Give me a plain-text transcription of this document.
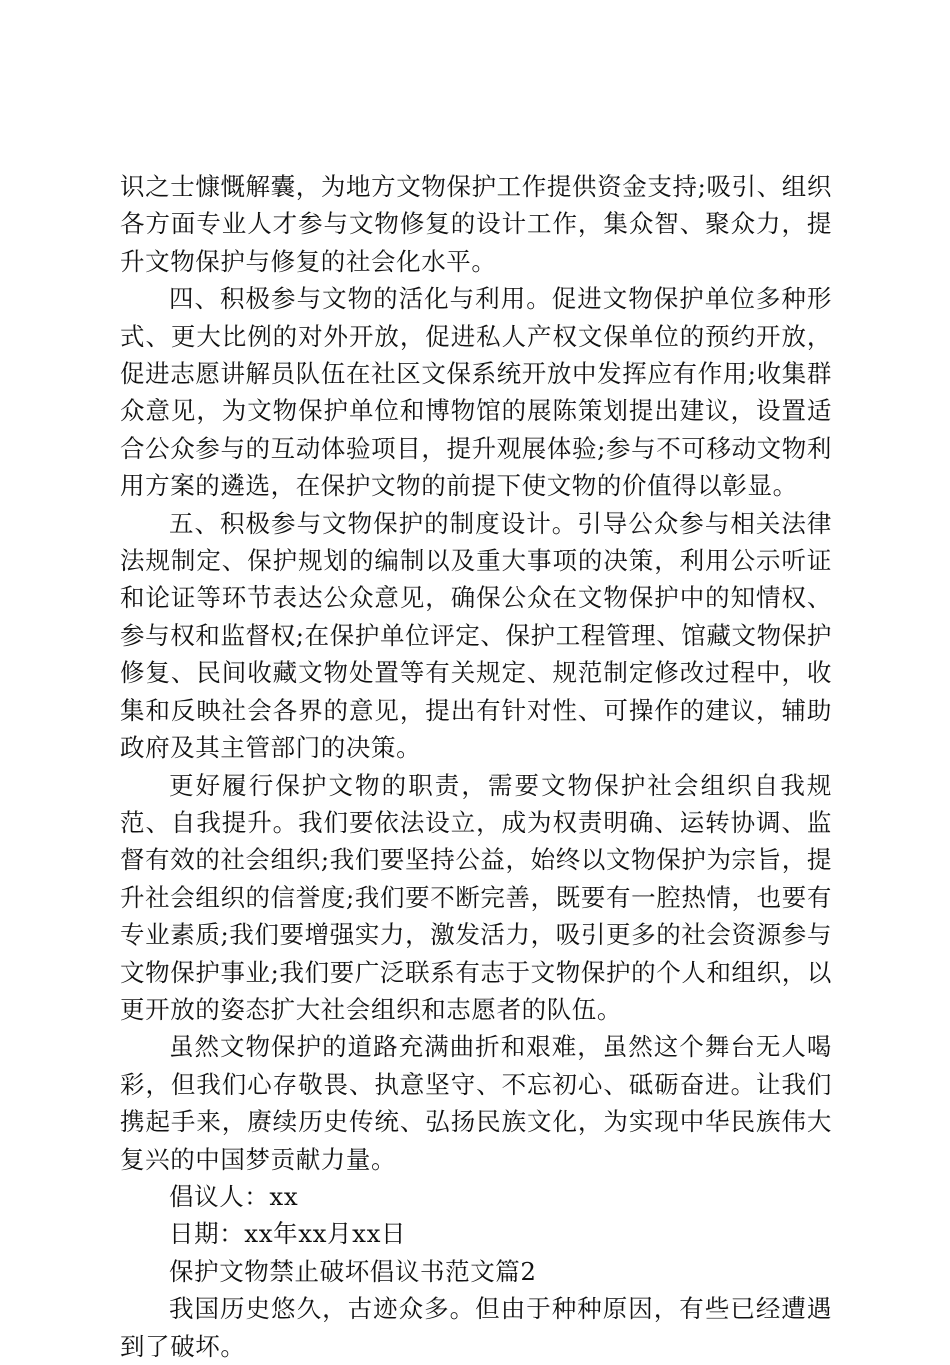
识之士慷慨解囊，为地方文物保护工作提供资金支持;吸引、组织各方面专业人才参与文物修复的设计工作，集众智、聚众力，提升文物保护与修复的社会化水平。

四、积极参与文物的活化与利用。促进文物保护单位多种形式、更大比例的对外开放，促进私人产权文保单位的预约开放，促进志愿讲解员队伍在社区文保系统开放中发挥应有作用;收集群众意见，为文物保护单位和博物馆的展陈策划提出建议，设置适合公众参与的互动体验项目，提升观展体验;参与不可移动文物利用方案的遴选，在保护文物的前提下使文物的价值得以彰显。

五、积极参与文物保护的制度设计。引导公众参与相关法律法规制定、保护规划的编制以及重大事项的决策，利用公示听证和论证等环节表达公众意见，确保公众在文物保护中的知情权、参与权和监督权;在保护单位评定、保护工程管理、馆藏文物保护修复、民间收藏文物处置等有关规定、规范制定修改过程中，收集和反映社会各界的意见，提出有针对性、可操作的建议，辅助政府及其主管部门的决策。

更好履行保护文物的职责，需要文物保护社会组织自我规范、自我提升。我们要依法设立，成为权责明确、运转协调、监督有效的社会组织;我们要坚持公益，始终以文物保护为宗旨，提升社会组织的信誉度;我们要不断完善，既要有一腔热情，也要有专业素质;我们要增强实力，激发活力，吸引更多的社会资源参与文物保护事业;我们要广泛联系有志于文物保护的个人和组织，以更开放的姿态扩大社会组织和志愿者的队伍。

虽然文物保护的道路充满曲折和艰难，虽然这个舞台无人喝彩，但我们心存敬畏、执意坚守、不忘初心、砥砺奋进。让我们携起手来，赓续历史传统、弘扬民族文化，为实现中华民族伟大复兴的中国梦贡献力量。

倡议人：xx

日期：xx年xx月xx日

保护文物禁止破坏倡议书范文篇2

我国历史悠久，古迹众多。但由于种种原因，有些已经遭遇到了破坏。
